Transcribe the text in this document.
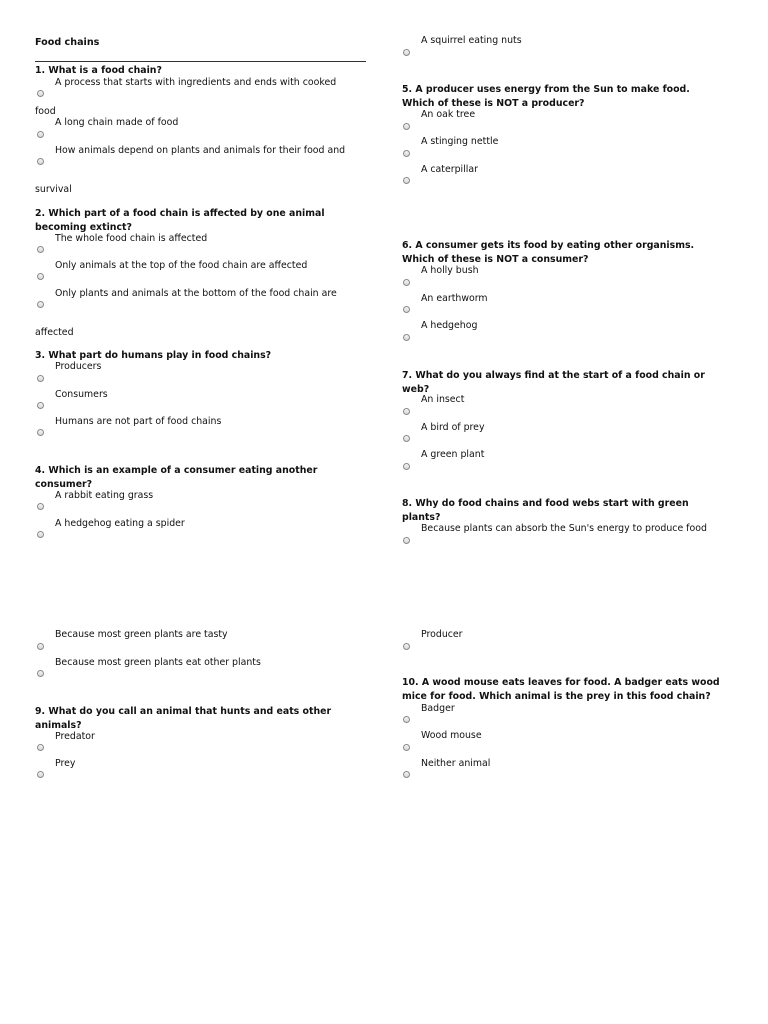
Food chains
1. What is a food chain?
A process that starts with ingredients and ends with cooked
food
A long chain made of food
How animals depend on plants and animals for their food and
survival
2. Which part of a food chain is affected by one animal becoming extinct?
The whole food chain is affected
Only animals at the top of the food chain are affected
Only plants and animals at the bottom of the food chain are
affected
3. What part do humans play in food chains?
Producers
Consumers
Humans are not part of food chains
4. Which is an example of a consumer eating another consumer?
A rabbit eating grass
A hedgehog eating a spider
Because most green plants are tasty
Because most green plants eat other plants
9. What do you call an animal that hunts and eats other animals?
Predator
Prey
A squirrel eating nuts
5. A producer uses energy from the Sun to make food. Which of these is NOT a producer?
An oak tree
A stinging nettle
A caterpillar
6. A consumer gets its food by eating other organisms. Which of these is NOT a consumer?
A holly bush
An earthworm
A hedgehog
7. What do you always find at the start of a food chain or web?
An insect
A bird of prey
A green plant
8. Why do food chains and food webs start with green plants?
Because plants can absorb the Sun's energy to produce food
Producer
10. A wood mouse eats leaves for food. A badger eats wood mice for food. Which animal is the prey in this food chain?
Badger
Wood mouse
Neither animal
